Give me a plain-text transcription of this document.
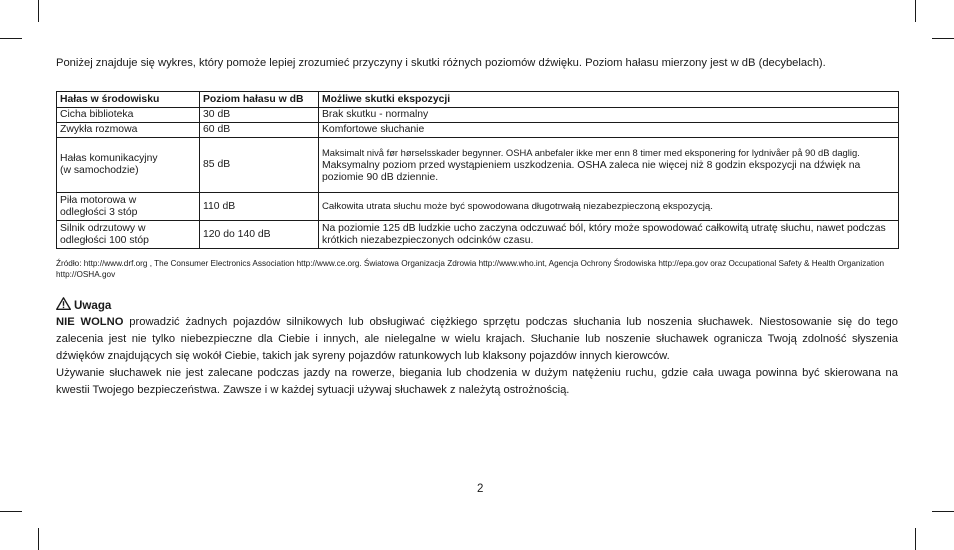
Poniżej znajduje się wykres, który pomoże lepiej zrozumieć przyczyny i skutki różnych poziomów dźwięku. Poziom hałasu mierzony jest w dB (decybelach).
Hałas w środowisku	Poziom hałasu w dB	Możliwe skutki ekspozycji
Cicha biblioteka	30 dB	Brak skutku - normalny
Zwykła rozmowa	60 dB	Komfortowe słuchanie
Hałas komunikacyjny
(w samochodzie)	85 dB	Maksimalt nivå før hørselsskader begynner. OSHA anbefaler ikke mer enn 8 timer med eksponering for lydnivåer på 90 dB daglig.
Maksymalny poziom przed wystąpieniem uszkodzenia. OSHA zaleca nie więcej niż 8 godzin ekspozycji na dźwięk na poziomie 90 dB dziennie.
Piła motorowa w
odległości 3 stóp	110 dB	Całkowita utrata słuchu może być spowodowana długotrwałą niezabezpieczoną ekspozycją.
Silnik odrzutowy w
odległości 100 stóp	120 do 140 dB	Na poziomie 125 dB ludzkie ucho zaczyna odczuwać ból, który może spowodować całkowitą utratę słuchu, nawet podczas krótkich niezabezpieczonych odcinków czasu.
Źródło: http://www.drf.org , The Consumer Electronics Association http://www.ce.org. Światowa Organizacja Zdrowia http://www.who.int, Agencja Ochrony Środowiska http://epa.gov oraz Occupational Safety & Health Organization http://OSHA.gov
Uwaga

NIE WOLNO prowadzić żadnych pojazdów silnikowych lub obsługiwać ciężkiego sprzętu podczas słuchania lub noszenia słuchawek. Niestosowanie się do tego zalecenia jest nie tylko niebezpieczne dla Ciebie i innych, ale nielegalne w wielu krajach. Słuchanie lub noszenie słuchawek ogranicza Twoją zdolność słyszenia dźwięków znajdujących się wokół Ciebie, takich jak syreny pojazdów ratunkowych lub klaksony pojazdów innych kierowców.

Używanie słuchawek nie jest zalecane podczas jazdy na rowerze, biegania lub chodzenia w dużym natężeniu ruchu, gdzie cała uwaga powinna być skierowana na kwestii Twojego bezpieczeństwa. Zawsze i w każdej sytuacji używaj słuchawek z należytą ostrożnością.

2
